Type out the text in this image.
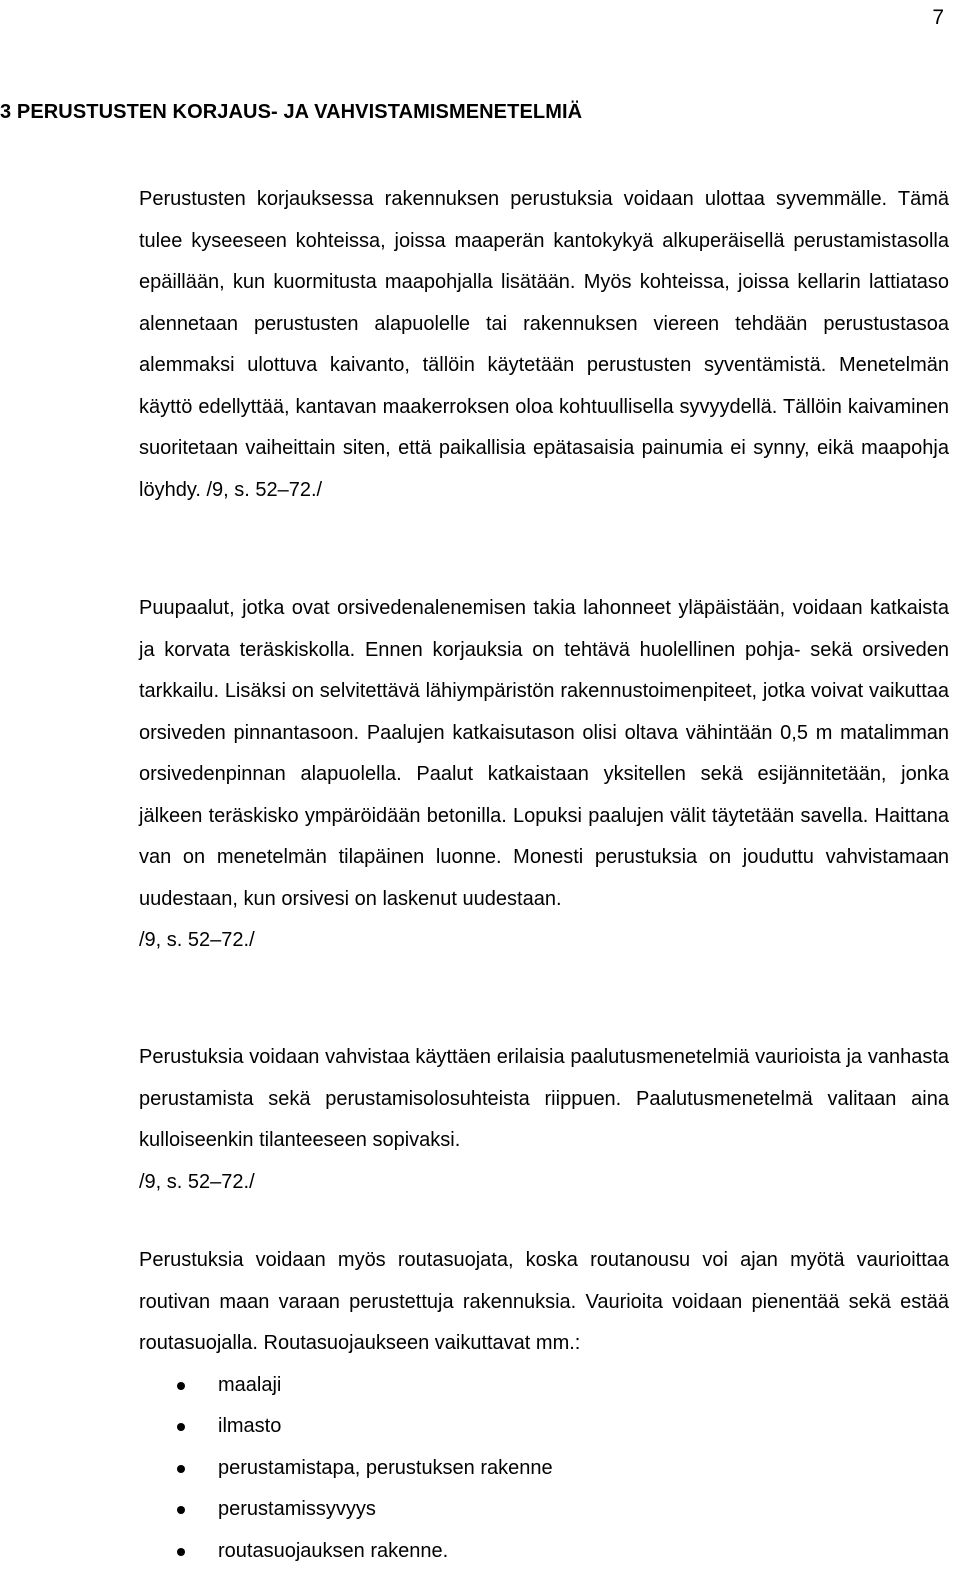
7
3 PERUSTUSTEN KORJAUS- JA VAHVISTAMISMENETELMIÄ

Perustusten korjauksessa rakennuksen perustuksia voidaan ulottaa syvemmälle. Tämä tulee kyseeseen kohteissa, joissa maaperän kantokykyä alkuperäisellä perustamistasolla epäillään, kun kuormitusta maapohjalla lisätään. Myös kohteissa, joissa kellarin lattiataso alennetaan perustusten alapuolelle tai rakennuksen viereen tehdään perustustasoa alemmaksi ulottuva kaivanto, tällöin käytetään perustusten syventämistä. Menetelmän käyttö edellyttää, kantavan maakerroksen oloa kohtuullisella syvyydellä. Tällöin kaivaminen suoritetaan vaiheittain siten, että paikallisia epätasaisia painumia ei synny, eikä maapohja löyhdy. /9, s. 52–72./

Puupaalut, jotka ovat orsivedenalenemisen takia lahonneet yläpäistään, voidaan katkaista ja korvata teräskiskolla. Ennen korjauksia on tehtävä huolellinen pohja- sekä orsiveden tarkkailu. Lisäksi on selvitettävä lähiympäristön rakennustoimenpiteet, jotka voivat vaikuttaa orsiveden pinnantasoon. Paalujen katkaisutason olisi oltava vähintään 0,5 m matalimman orsivedenpinnan alapuolella. Paalut katkaistaan yksitellen sekä esijännitetään, jonka jälkeen teräskisko ympäröidään betonilla. Lopuksi paalujen välit täytetään savella. Haittana van on menetelmän tilapäinen luonne. Monesti perustuksia on jouduttu vahvistamaan uudestaan, kun orsivesi on laskenut uudestaan.

/9, s. 52–72./

Perustuksia voidaan vahvistaa käyttäen erilaisia paalutusmenetelmiä vaurioista ja vanhasta perustamista sekä perustamisolosuhteista riippuen. Paalutusmenetelmä valitaan aina kulloiseenkin tilanteeseen sopivaksi.

/9, s. 52–72./

Perustuksia voidaan myös routasuojata, koska routanousu voi ajan myötä vaurioittaa routivan maan varaan perustettuja rakennuksia. Vaurioita voidaan pienentää sekä estää routasuojalla. Routasuojaukseen vaikuttavat mm.:

maalaji
ilmasto
perustamistapa, perustuksen rakenne
perustamissyvyys
routasuojauksen rakenne.
